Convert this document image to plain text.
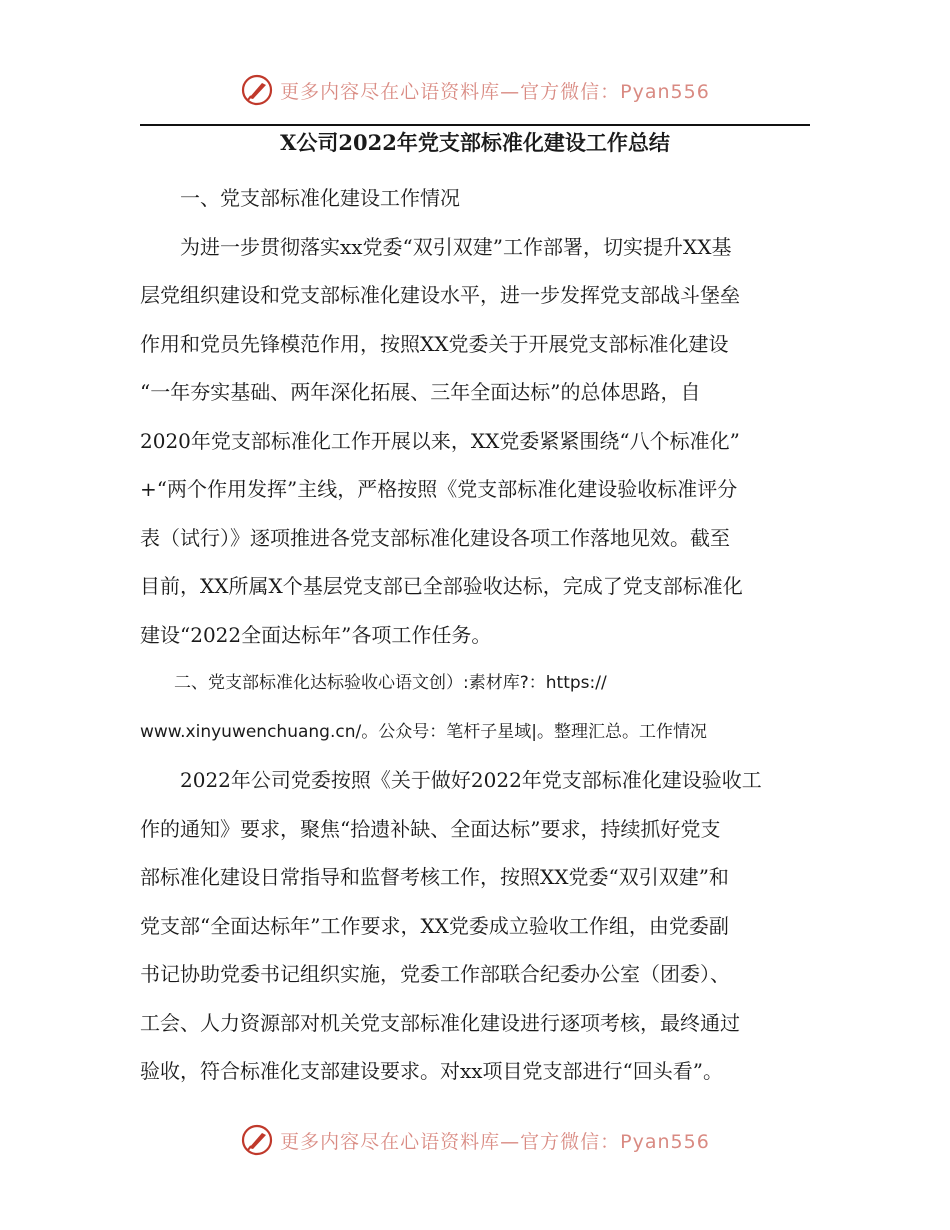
更多内容尽在心语资料库—官方微信：Pyan556
X公司2022年党支部标准化建设工作总结
　　一、党支部标准化建设工作情况
　　为进一步贯彻落实xx党委“双引双建”工作部署，切实提升XX基
层党组织建设和党支部标准化建设水平，进一步发挥党支部战斗堡垒
作用和党员先锋模范作用，按照XX党委关于开展党支部标准化建设
“一年夯实基础、两年深化拓展、三年全面达标”的总体思路，自
2020年党支部标准化工作开展以来，XX党委紧紧围绕“八个标准化”
+“两个作用发挥”主线，严格按照《党支部标准化建设验收标准评分
表（试行）》逐项推进各党支部标准化建设各项工作落地见效。截至
目前，XX所属X个基层党支部已全部验收达标，完成了党支部标准化
建设“2022全面达标年”各项工作任务。
　　二、党支部标准化达标验收心语文创）:素材库?：https://
www.xinyuwenchuang.cn/。公众号：笔杆子星域|。整理汇总。工作情况
　　2022年公司党委按照《关于做好2022年党支部标准化建设验收工
作的通知》要求，聚焦“拾遗补缺、全面达标”要求，持续抓好党支
部标准化建设日常指导和监督考核工作，按照XX党委“双引双建”和
党支部“全面达标年”工作要求，XX党委成立验收工作组，由党委副
书记协助党委书记组织实施，党委工作部联合纪委办公室（团委）、
工会、人力资源部对机关党支部标准化建设进行逐项考核，最终通过
验收，符合标准化支部建设要求。对xx项目党支部进行“回头看”。
更多内容尽在心语资料库—官方微信：Pyan556
